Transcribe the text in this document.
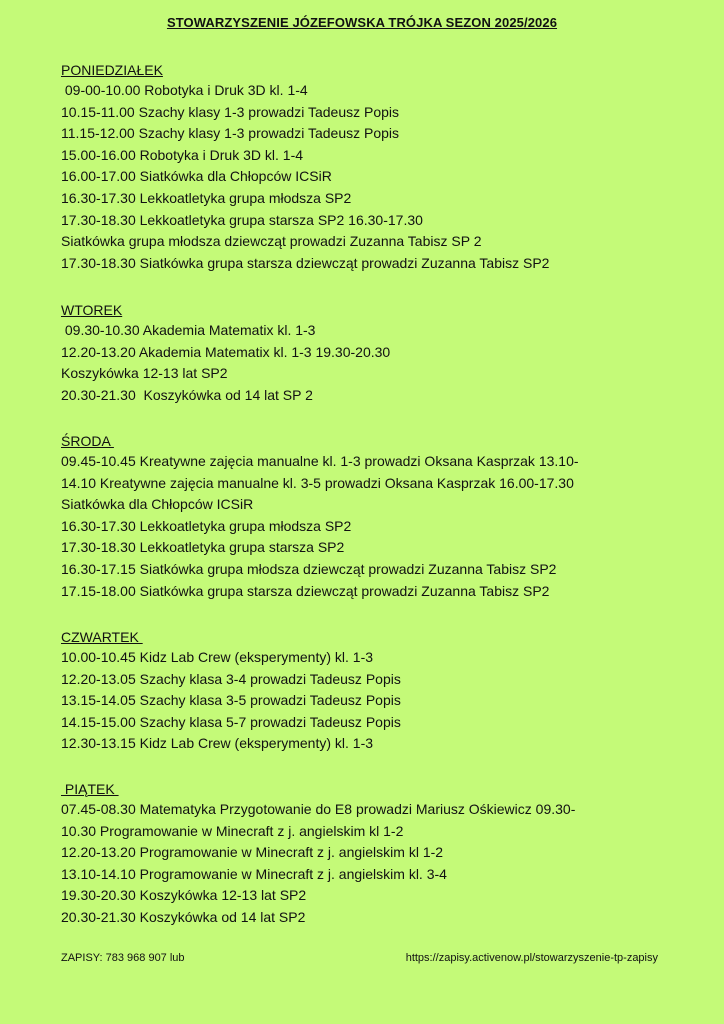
STOWARZYSZENIE JÓZEFOWSKA TRÓJKA SEZON 2025/2026
PONIEDZIAŁEK
09-00-10.00 Robotyka i Druk 3D kl. 1-4
10.15-11.00 Szachy klasy 1-3 prowadzi Tadeusz Popis
11.15-12.00 Szachy klasy 1-3 prowadzi Tadeusz Popis
15.00-16.00 Robotyka i Druk 3D kl. 1-4
16.00-17.00 Siatkówka dla Chłopców ICSiR
16.30-17.30 Lekkoatletyka grupa młodsza SP2
17.30-18.30 Lekkoatletyka grupa starsza SP2 16.30-17.30
Siatkówka grupa młodsza dziewcząt prowadzi Zuzanna Tabisz SP 2
17.30-18.30 Siatkówka grupa starsza dziewcząt prowadzi Zuzanna Tabisz SP2
WTOREK
09.30-10.30 Akademia Matematix kl. 1-3
12.20-13.20 Akademia Matematix kl. 1-3 19.30-20.30
Koszykówka 12-13 lat SP2
20.30-21.30  Koszykówka od 14 lat SP 2
ŚRODA
09.45-10.45 Kreatywne zajęcia manualne kl. 1-3 prowadzi Oksana Kasprzak 13.10-
14.10 Kreatywne zajęcia manualne kl. 3-5 prowadzi Oksana Kasprzak 16.00-17.30
Siatkówka dla Chłopców ICSiR
16.30-17.30 Lekkoatletyka grupa młodsza SP2
17.30-18.30 Lekkoatletyka grupa starsza SP2
16.30-17.15 Siatkówka grupa młodsza dziewcząt prowadzi Zuzanna Tabisz SP2
17.15-18.00 Siatkówka grupa starsza dziewcząt prowadzi Zuzanna Tabisz SP2
CZWARTEK
10.00-10.45 Kidz Lab Crew (eksperymenty) kl. 1-3
12.20-13.05 Szachy klasa 3-4 prowadzi Tadeusz Popis
13.15-14.05 Szachy klasa 3-5 prowadzi Tadeusz Popis
14.15-15.00 Szachy klasa 5-7 prowadzi Tadeusz Popis
12.30-13.15 Kidz Lab Crew (eksperymenty) kl. 1-3
PIĄTEK
07.45-08.30 Matematyka Przygotowanie do E8 prowadzi Mariusz Ośkiewicz 09.30-
10.30 Programowanie w Minecraft z j. angielskim kl 1-2
12.20-13.20 Programowanie w Minecraft z j. angielskim kl 1-2
13.10-14.10 Programowanie w Minecraft z j. angielskim kl. 3-4
19.30-20.30 Koszykówka 12-13 lat SP2
20.30-21.30 Koszykówka od 14 lat SP2
ZAPISY: 783 968 907 lub	https://zapisy.activenow.pl/stowarzyszenie-tp-zapisy
